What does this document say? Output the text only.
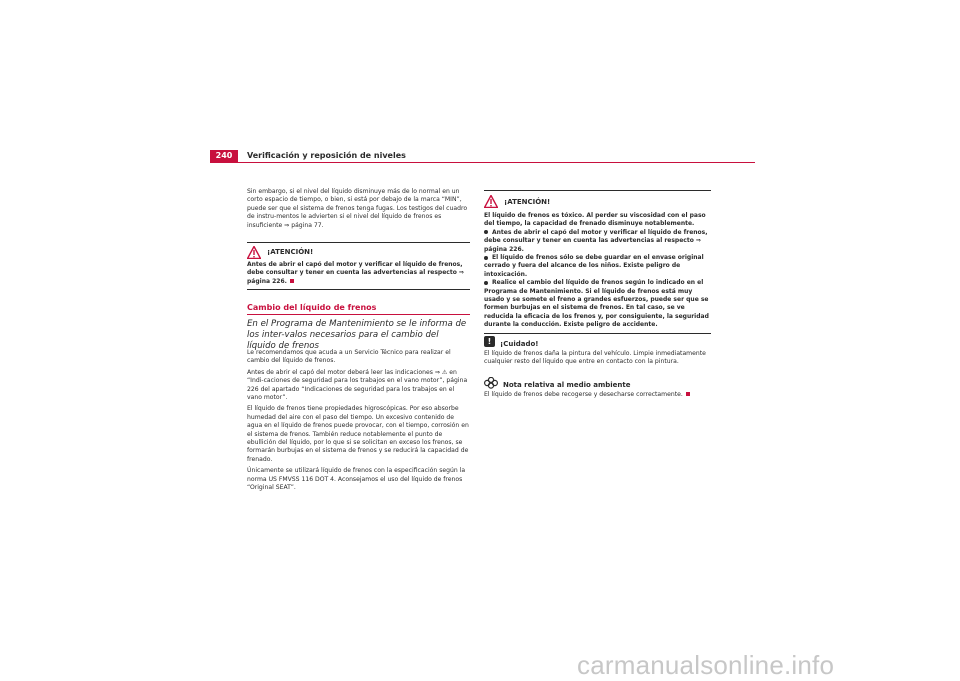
240	Verificación y reposición de niveles

Sin embargo, si el nivel del líquido disminuye más de lo normal en un corto espacio de tiempo, o bien, si está por debajo de la marca “MIN”, puede ser que el sistema de frenos tenga fugas. Los testigos del cuadro de instru-mentos le advierten si el nivel del líquido de frenos es insuficiente ⇒ página 77.

¡ATENCIÓN!
Antes de abrir el capó del motor y verificar el líquido de frenos, debe consultar y tener en cuenta las advertencias al respecto ⇒ página 226.
Cambio del líquido de frenos
En el Programa de Mantenimiento se le informa de los inter-valos necesarios para el cambio del líquido de frenos

Le recomendamos que acuda a un Servicio Técnico para realizar el cambio del líquido de frenos.

Antes de abrir el capó del motor deberá leer las indicaciones ⇒ ⚠ en “Indi-caciones de seguridad para los trabajos en el vano motor”, página 226 del apartado “Indicaciones de seguridad para los trabajos en el vano motor”.

El líquido de frenos tiene propiedades higroscópicas. Por eso absorbe humedad del aire con el paso del tiempo. Un excesivo contenido de agua en el líquido de frenos puede provocar, con el tiempo, corrosión en el sistema de frenos. También reduce notablemente el punto de ebullición del líquido, por lo que si se solicitan en exceso los frenos, se formarán burbujas en el sistema de frenos y se reducirá la capacidad de frenado.

Únicamente se utilizará líquido de frenos con la especificación según la norma US FMVSS 116 DOT 4. Aconsejamos el uso del líquido de frenos “Original SEAT”.

¡ATENCIÓN!

El líquido de frenos es tóxico. Al perder su viscosidad con el paso del tiempo, la capacidad de frenado disminuye notablemente.

Antes de abrir el capó del motor y verificar el líquido de frenos, debe consultar y tener en cuenta las advertencias al respecto ⇒ página 226.

El líquido de frenos sólo se debe guardar en el envase original cerrado y fuera del alcance de los niños. Existe peligro de intoxicación.

Realice el cambio del líquido de frenos según lo indicado en el Programa de Mantenimiento. Si el líquido de frenos está muy usado y se somete el freno a grandes esfuerzos, puede ser que se formen burbujas en el sistema de frenos. En tal caso, se ve reducida la eficacia de los frenos y, por consiguiente, la seguridad durante la conducción. Existe peligro de accidente.

!	¡Cuidado!
El líquido de frenos daña la pintura del vehículo. Limpie inmediatamente cualquier resto del líquido que entre en contacto con la pintura.
Nota relativa al medio ambiente
El líquido de frenos debe recogerse y desecharse correctamente.
carmanualsonline.info
